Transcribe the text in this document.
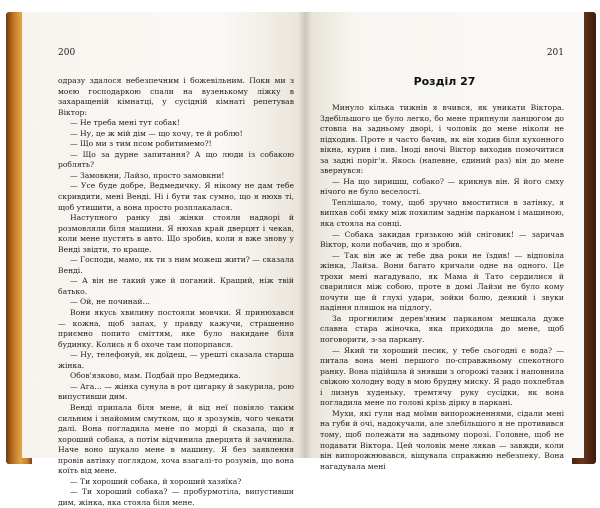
200

одразу здалося небезпечним і божевільним. Поки ми з моєю господаркою спали на вузенькому ліжку в захаращеній кімнатці, у сусідній кімнаті репетував Віктор:

— Не треба мені тут собак!

— Ну, це ж мій дім — що хочу, те й роблю!

— Що ми з тим псом робитимемо?!

— Що за дурне запитання? А що люди із собакою роблять?

— Замовкни, Лайзо, просто замовкни!

— Усе буде добре, Ведмедичку. Я нікому не дам тебе скривдити, мені Венді. Ні і бути так сумно, що я нюхв ті, щоб утишити, а вона просто розплакалася.

Наступного ранку дві жінки стояли надворі й розмовляли біля машини. Я нюхав край дверцят і чекав, коли мене пустять в авто. Що зробив, коли я вже знову у Венді звідти, то краще.

— Господи, мамо, як ти з ним можеш жити? — сказала Венді.

— А він не такий уже й поганий. Кращий, ніж твій батько.

— Ой, не починай…

Вони якусь хвилину постояли мовчки. Я принюхався — кожна, щоб запах, у правду кажучи, страшенно приємно попито сміттям, яке було накидане біля будинку. Колись я б охоче там попорпався.

— Ну, телефонуй, як доїдеш, — урешті сказала старша жінка.

Обов'язково, мам. Подбай про Ведмедика.

— Ага… — жінка сунула в рот цигарку й закурила, рою випустивши дим.

Венді припала біля мене, й від неї повіяло таким сильним і знайомим смутком, що я зрозумів, чого чекати далі. Вона погладила мене по морді й сказала, що я хороший собака, а потім відчинила дверцята й зачинила. Наче воно шукало мене в машину. Я без заявлення провів автівку поглядом, хоча взагалі-то розумів, що вона коїть від мене.

— Ти хороший собака, й хороший хазяїка?

— Ти хороший собака? — пробурмотіла, випустивши дим, жінка, яка стояла біля мене.

201
Розділ 27

Минуло кілька тижнів я вчився, як уникати Віктора. Здебільшого це було легко, бо мене припнули ланцюгом до стовпа на задньому дворі, і чоловік до мене ніколи не підходив. Проте я часто бачив, як він ходив біля кухонного вікна, курив і пив. Іноді вночі Віктор виходив помочитися за задні поріг'я. Якось (напевне, єдиний раз) він до мене звернувся:

— На що зиришш, собако? — крикнув він. Я його смху нічого не було веселості.

Теплішало, тому, щоб зручно вмоститися в затінку, я випхав собі ямку між похилим заднім парканом і машиною, яка стояла на сонці.

— Собака закидав грязькою мій сніговик! — заричав Віктор, коли побачив, що я зробив.

— Так він же ж тебе два роки не їздив! — відповіла жінка, Лайза. Вони багато кричали одне на одного. Це трохи мені нагадувало, як Мама й Тато сердилися й сварилися між собою, проте в домі Лайзи не було кому почути ще й глухі удари, зойки болю, деякий і звуки падіння пляшок на підлогу.

За прогнилим дерев'яним парканом мешкала дуже славна стара жіночка, яка приходила до мене, щоб поговорити, з-за паркану.

— Який ти хороший песик, у тебе сьогодні є вода? — питала вона мені першого по-справжньому спекотного ранку. Вона підійшла й знявши з огорожі тазик і наповнила свіжою холодну воду в мою брудну миску. Я радо похлебтав і лизнув худеньку, тремтячу руку сусідки, як вона погладила мене по голові крізь дірку в паркані.

Мухи, які гули над моїми випорожненнями, сідали мені на губи й очі, надокучали, але злебільшого я не противився тому, щоб полежати на задньому порозі. Головне, щоб не подавати Віктора. Цей чоловік мене лякав — завжди, коли він випорожнювався, віщувала справжню небезпеку. Вона нагадувала мені
